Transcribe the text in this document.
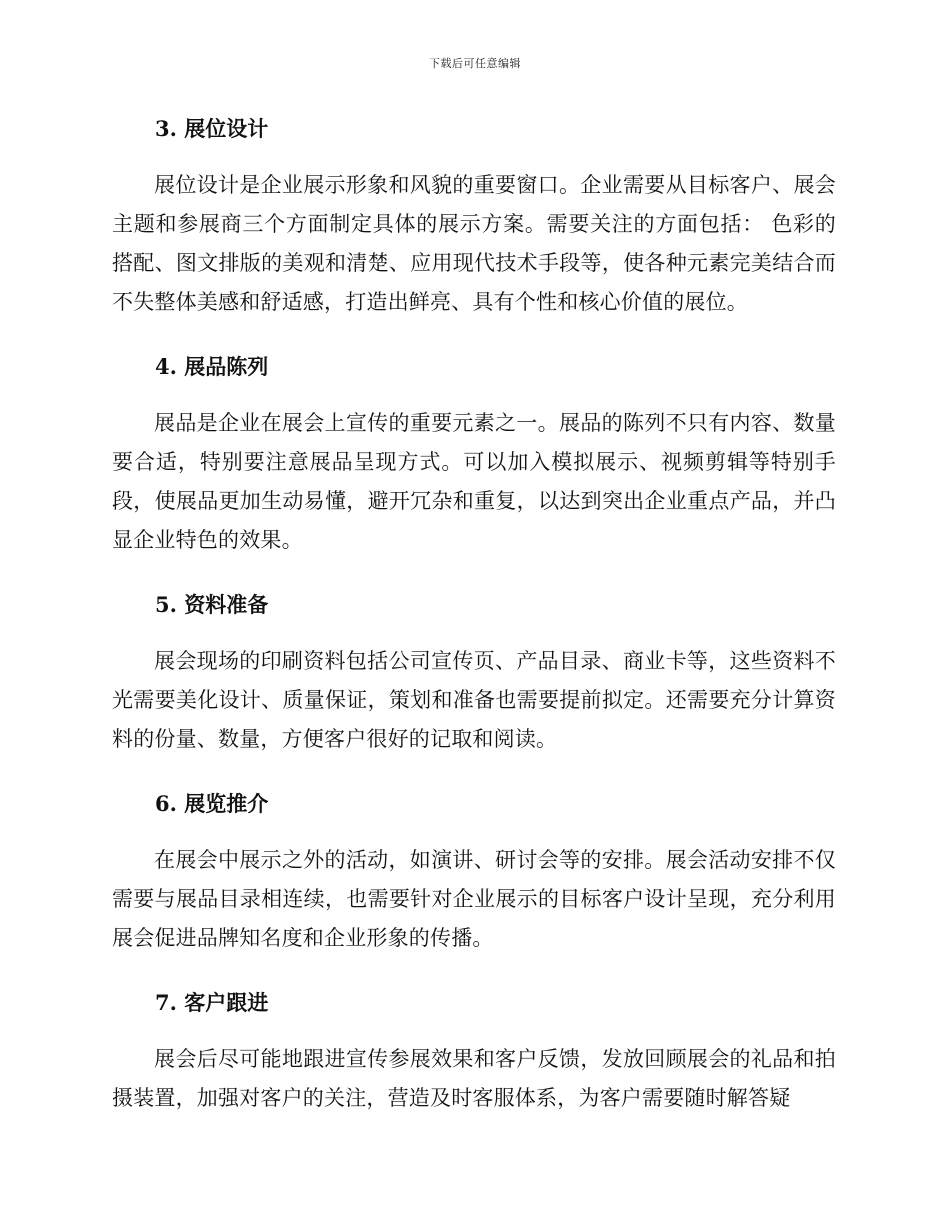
下载后可任意编辑
3. 展位设计

展位设计是企业展示形象和风貌的重要窗口。企业需要从目标客户、展会主题和参展商三个方面制定具体的展示方案。需要关注的方面包括： 色彩的搭配、图文排版的美观和清楚、应用现代技术手段等，使各种元素完美结合而不失整体美感和舒适感，打造出鲜亮、具有个性和核心价值的展位。

4. 展品陈列

展品是企业在展会上宣传的重要元素之一。展品的陈列不只有内容、数量要合适，特别要注意展品呈现方式。可以加入模拟展示、视频剪辑等特别手段，使展品更加生动易懂，避开冗杂和重复，以达到突出企业重点产品，并凸显企业特色的效果。

5. 资料准备

展会现场的印刷资料包括公司宣传页、产品目录、商业卡等，这些资料不光需要美化设计、质量保证，策划和准备也需要提前拟定。还需要充分计算资料的份量、数量，方便客户很好的记取和阅读。

6. 展览推介

在展会中展示之外的活动，如演讲、研讨会等的安排。展会活动安排不仅需要与展品目录相连续，也需要针对企业展示的目标客户设计呈现，充分利用展会促进品牌知名度和企业形象的传播。

7. 客户跟进

展会后尽可能地跟进宣传参展效果和客户反馈，发放回顾展会的礼品和拍摄装置，加强对客户的关注，营造及时客服体系，为客户需要随时解答疑
